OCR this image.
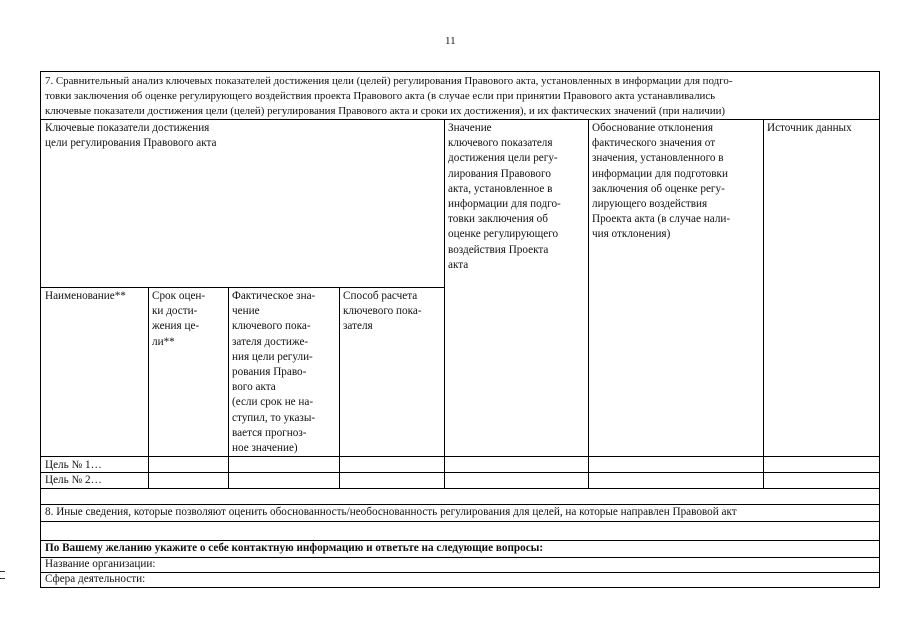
11
7. Сравнительный анализ ключевых показателей достижения цели (целей) регулирования Правового акта, установленных в информации для подго-
товки заключения об оценке регулирующего воздействия проекта Правового акта (в случае если при принятии Правового акта устанавливались
ключевые показатели достижения цели (целей) регулирования Правового акта и сроки их достижения), и их фактических значений (при наличии)
Ключевые показатели достижения
цели регулирования Правового акта
Значение
ключевого показателя
достижения цели регу-
лирования Правового
акта, установленное в
информации для подго-
товки заключения об
оценке регулирующего
воздействия Проекта
акта
Обоснование отклонения
фактического значения от
значения, установленного в
информации для подготовки
заключения об оценке регу-
лирующего воздействия
Проекта акта (в случае нали-
чия отклонения)
Источник данных
Наименование**	Срок оцен-
ки дости-
жения це-
ли**
Фактическое зна-
чение
ключевого пока-
зателя достиже-
ния цели регули-
рования Право-
вого акта
(если срок не на-
ступил, то указы-
вается прогноз-
ное значение)
Способ расчета
ключевого пока-
зателя
Цель № 1…
Цель № 2…
8. Иные сведения, которые позволяют оценить обоснованность/необоснованность регулирования для целей, на которые направлен Правовой акт
По Вашему желанию укажите о себе контактную информацию и ответьте на следующие вопросы:
Название организации:
Сфера деятельности:
